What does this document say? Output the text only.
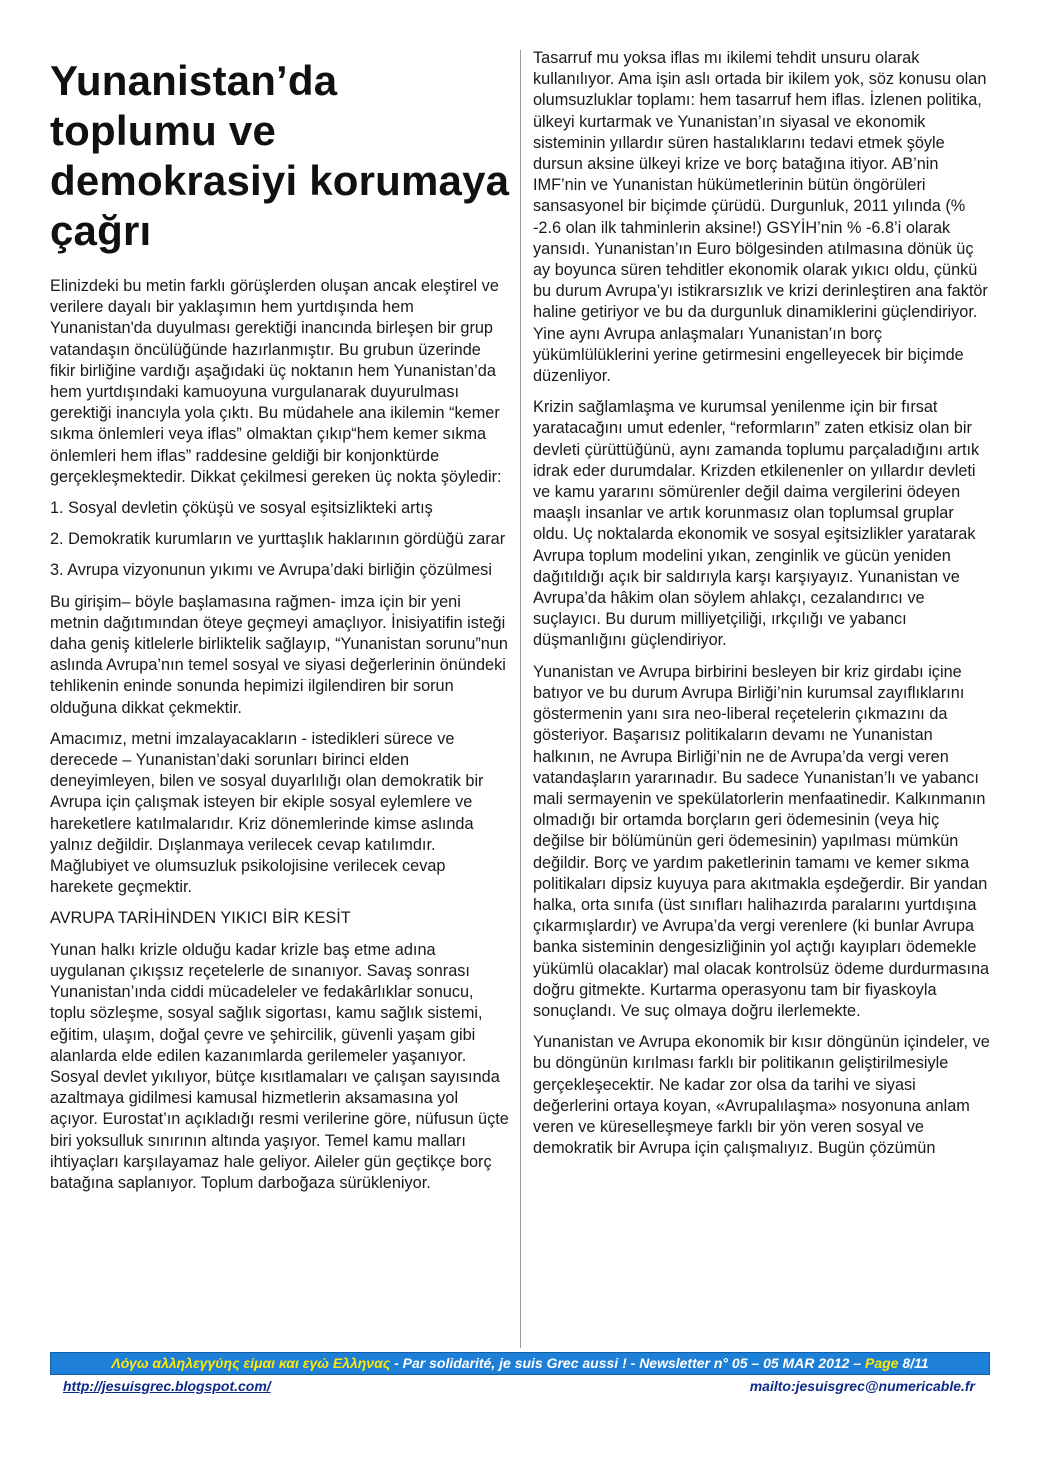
Yunanistan’da toplumu ve demokrasiyi korumaya çağrı

Elinizdeki bu metin farklı görüşlerden oluşan ancak eleştirel ve verilere dayalı bir yaklaşımın hem yurtdışında hem Yunanistan'da duyulması gerektiği inancında birleşen bir grup vatandaşın öncülüğünde hazırlanmıştır. Bu grubun üzerinde fikir birliğine vardığı aşağıdaki üç noktanın hem Yunanistan’da hem yurtdışındaki kamuoyuna vurgulanarak duyurulması gerektiği inancıyla yola çıktı. Bu müdahele ana ikilemin “kemer sıkma önlemleri veya iflas” olmaktan çıkıp“hem kemer sıkma önlemleri hem iflas” raddesine geldiği bir konjonktürde gerçekleşmektedir. Dikkat çekilmesi gereken üç nokta şöyledir:

1. Sosyal devletin çöküşü ve sosyal eşitsizlikteki artış

2. Demokratik kurumların ve yurttaşlık haklarının gördüğü zarar

3. Avrupa vizyonunun yıkımı ve Avrupa’daki birliğin çözülmesi

Bu girişim– böyle başlamasına rağmen- imza için bir yeni metnin dağıtımından öteye geçmeyi amaçlıyor. İnisiyatifin isteği daha geniş kitlelerle birliktelik sağlayıp, “Yunanistan sorunu”nun aslında Avrupa’nın temel sosyal ve siyasi değerlerinin önündeki tehlikenin eninde sonunda hepimizi ilgilendiren bir sorun olduğuna dikkat çekmektir.

Amacımız, metni imzalayacakların - istedikleri sürece ve derecede – Yunanistan’daki sorunları birinci elden deneyimleyen, bilen ve sosyal duyarlılığı olan demokratik bir Avrupa için çalışmak isteyen bir ekiple sosyal eylemlere ve hareketlere katılmalarıdır. Kriz dönemlerinde kimse aslında yalnız değildir. Dışlanmaya verilecek cevap katılımdır. Mağlubiyet ve olumsuzluk psikolojisine verilecek cevap harekete geçmektir.

AVRUPA TARİHİNDEN YIKICI BİR KESİT

Yunan halkı krizle olduğu kadar krizle baş etme adına uygulanan çıkışsız reçetelerle de sınanıyor. Savaş sonrası Yunanistan’ında ciddi mücadeleler ve fedakârlıklar sonucu, toplu sözleşme, sosyal sağlık sigortası, kamu sağlık sistemi, eğitim, ulaşım, doğal çevre ve şehircilik, güvenli yaşam gibi alanlarda elde edilen kazanımlarda gerilemeler yaşanıyor. Sosyal devlet yıkılıyor, bütçe kısıtlamaları ve çalışan sayısında azaltmaya gidilmesi kamusal hizmetlerin aksamasına yol açıyor. Eurostat’ın açıkladığı resmi verilerine göre, nüfusun üçte biri yoksulluk sınırının altında yaşıyor. Temel kamu malları ihtiyaçları karşılayamaz hale geliyor. Aileler gün geçtikçe borç batağına saplanıyor. Toplum darboğaza sürükleniyor.

Tasarruf mu yoksa iflas mı ikilemi tehdit unsuru olarak kullanılıyor. Ama işin aslı ortada bir ikilem yok, söz konusu olan olumsuzluklar toplamı: hem tasarruf hem iflas. İzlenen politika, ülkeyi kurtarmak ve Yunanistan’ın siyasal ve ekonomik sisteminin yıllardır süren hastalıklarını tedavi etmek şöyle dursun aksine ülkeyi krize ve borç batağına itiyor. AB’nin IMF’nin ve Yunanistan hükümetlerinin bütün öngörüleri sansasyonel bir biçimde çürüdü. Durgunluk, 2011 yılında (% -2.6 olan ilk tahminlerin aksine!) GSYİH’nin % -6.8’i olarak yansıdı. Yunanistan’ın Euro bölgesinden atılmasına dönük üç ay boyunca süren tehditler ekonomik olarak yıkıcı oldu, çünkü bu durum Avrupa’yı istikrarsızlık ve krizi derinleştiren ana faktör haline getiriyor ve bu da durgunluk dinamiklerini güçlendiriyor. Yine aynı Avrupa anlaşmaları Yunanistan’ın borç yükümlülüklerini yerine getirmesini engelleyecek bir biçimde düzenliyor.

Krizin sağlamlaşma ve kurumsal yenilenme için bir fırsat yaratacağını umut edenler, “reformların” zaten etkisiz olan bir devleti çürüttüğünü, aynı zamanda toplumu parçaladığını artık idrak eder durumdalar. Krizden etkilenenler on yıllardır devleti ve kamu yararını sömürenler değil daima vergilerini ödeyen maaşlı insanlar ve artık korunmasız olan toplumsal gruplar oldu. Uç noktalarda ekonomik ve sosyal eşitsizlikler yaratarak Avrupa toplum modelini yıkan, zenginlik ve gücün yeniden dağıtıldığı açık bir saldırıyla karşı karşıyayız. Yunanistan ve Avrupa’da hâkim olan söylem ahlakçı, cezalandırıcı ve suçlayıcı. Bu durum milliyetçiliği, ırkçılığı ve yabancı düşmanlığını güçlendiriyor.

Yunanistan ve Avrupa birbirini besleyen bir kriz girdabı içine batıyor ve bu durum Avrupa Birliği’nin kurumsal zayıflıklarını göstermenin yanı sıra neo-liberal reçetelerin çıkmazını da gösteriyor. Başarısız politikaların devamı ne Yunanistan halkının, ne Avrupa Birliği’nin ne de Avrupa’da vergi veren vatandaşların yararınadır. Bu sadece Yunanistan’lı ve yabancı mali sermayenin ve spekülatorlerin menfaatinedir. Kalkınmanın olmadığı bir ortamda borçların geri ödemesinin (veya hiç değilse bir bölümünün geri ödemesinin) yapılması mümkün değildir. Borç ve yardım paketlerinin tamamı ve kemer sıkma politikaları dipsiz kuyuya para akıtmakla eşdeğerdir. Bir yandan halka, orta sınıfa (üst sınıfları halihazırda paralarını yurtdışına çıkarmışlardır) ve Avrupa’da vergi verenlere (ki bunlar Avrupa banka sisteminin dengesizliğinin yol açtığı kayıpları ödemekle yükümlü olacaklar) mal olacak kontrolsüz ödeme durdurmasına doğru gitmekte. Kurtarma operasyonu tam bir fiyaskoyla sonuçlandı. Ve suç olmaya doğru ilerlemekte.

Yunanistan ve Avrupa ekonomik bir kısır döngünün içindeler, ve bu döngünün kırılması farklı bir politikanın geliştirilmesiyle gerçekleşecektir. Ne kadar zor olsa da tarihi ve siyasi değerlerini ortaya koyan, «Avrupalılaşma» nosyonuna anlam veren ve küreselleşmeye farklı bir yön veren sosyal ve demokratik bir Avrupa için çalışmalıyız. Bugün çözümün

Λόγω αλληλεγγύης είμαι και εγώ Ελληνας - Par solidarité, je suis Grec aussi ! - Newsletter n° 05 – 05 MAR 2012 – Page 8/11
http://jesuisgrec.blogspot.com/	mailto:jesuisgrec@numericable.fr
